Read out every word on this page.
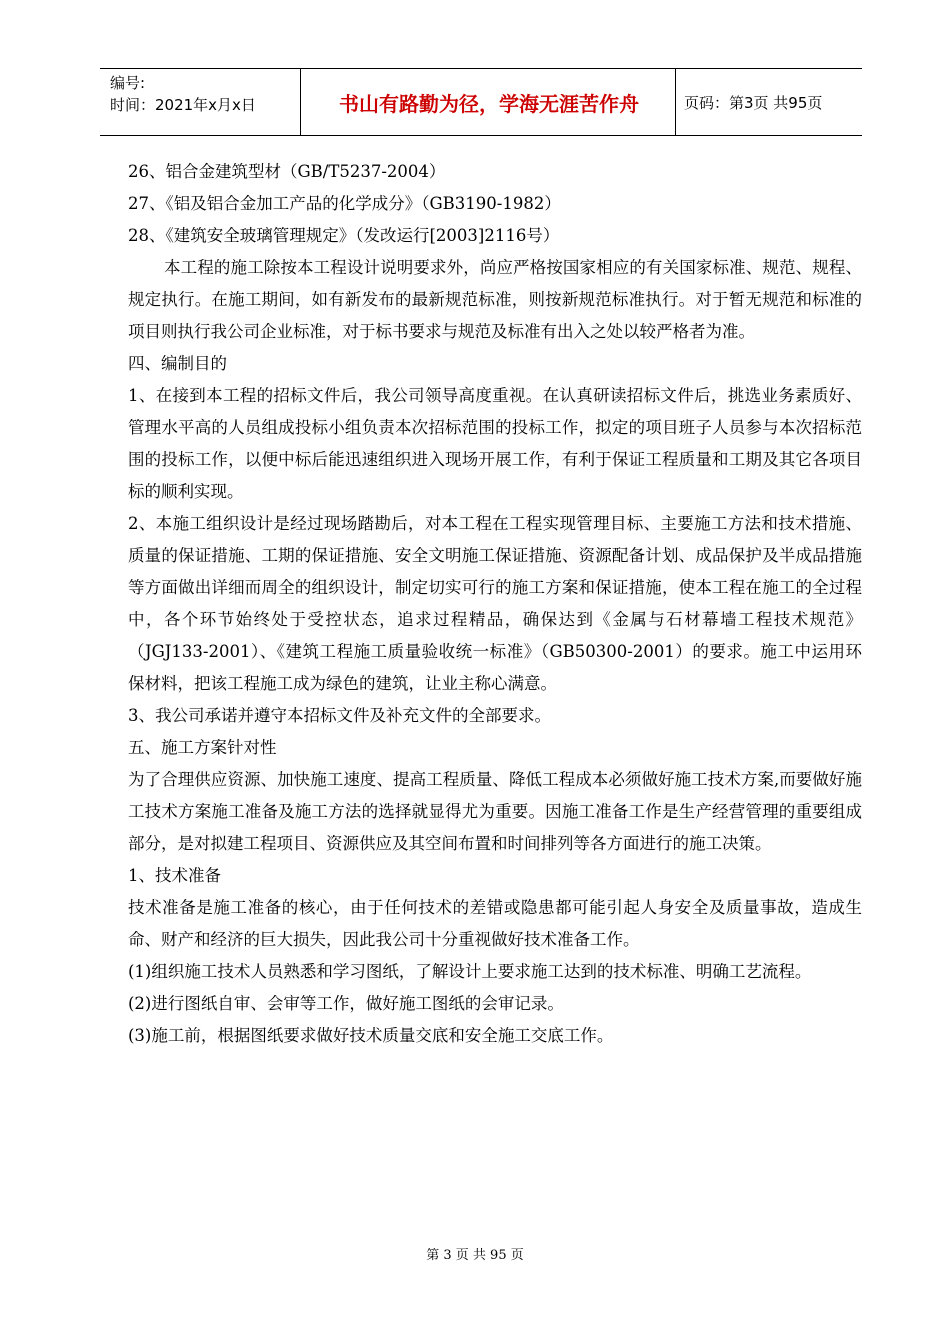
编号:
时间：2021年x月x日	书山有路勤为径，学海无涯苦作舟	页码：第3页 共95页

26、铝合金建筑型材（GB/T5237-2004）

27、《铝及铝合金加工产品的化学成分》（GB3190-1982）

28、《建筑安全玻璃管理规定》（发改运行[2003]2116号）

本工程的施工除按本工程设计说明要求外，尚应严格按国家相应的有关国家标准、规范、规程、规定执行。在施工期间，如有新发布的最新规范标准，则按新规范标准执行。对于暂无规范和标准的项目则执行我公司企业标准，对于标书要求与规范及标准有出入之处以较严格者为准。

四、编制目的

1、在接到本工程的招标文件后，我公司领导高度重视。在认真研读招标文件后，挑选业务素质好、管理水平高的人员组成投标小组负责本次招标范围的投标工作，拟定的项目班子人员参与本次招标范围的投标工作，以便中标后能迅速组织进入现场开展工作，有利于保证工程质量和工期及其它各项目标的顺利实现。

2、本施工组织设计是经过现场踏勘后，对本工程在工程实现管理目标、主要施工方法和技术措施、质量的保证措施、工期的保证措施、安全文明施工保证措施、资源配备计划、成品保护及半成品措施等方面做出详细而周全的组织设计，制定切实可行的施工方案和保证措施，使本工程在施工的全过程中，各个环节始终处于受控状态，追求过程精品，确保达到《金属与石材幕墙工程技术规范》（JGJ133-2001）、《建筑工程施工质量验收统一标准》（GB50300-2001）的要求。施工中运用环保材料，把该工程施工成为绿色的建筑，让业主称心满意。

3、我公司承诺并遵守本招标文件及补充文件的全部要求。

五、施工方案针对性

为了合理供应资源、加快施工速度、提高工程质量、降低工程成本必须做好施工技术方案,而要做好施工技术方案施工准备及施工方法的选择就显得尤为重要。因施工准备工作是生产经营管理的重要组成部分，是对拟建工程项目、资源供应及其空间布置和时间排列等各方面进行的施工决策。

1、技术准备

技术准备是施工准备的核心，由于任何技术的差错或隐患都可能引起人身安全及质量事故，造成生命、财产和经济的巨大损失，因此我公司十分重视做好技术准备工作。

(1)组织施工技术人员熟悉和学习图纸，了解设计上要求施工达到的技术标准、明确工艺流程。

(2)进行图纸自审、会审等工作，做好施工图纸的会审记录。

(3)施工前，根据图纸要求做好技术质量交底和安全施工交底工作。

第 3 页 共 95 页
